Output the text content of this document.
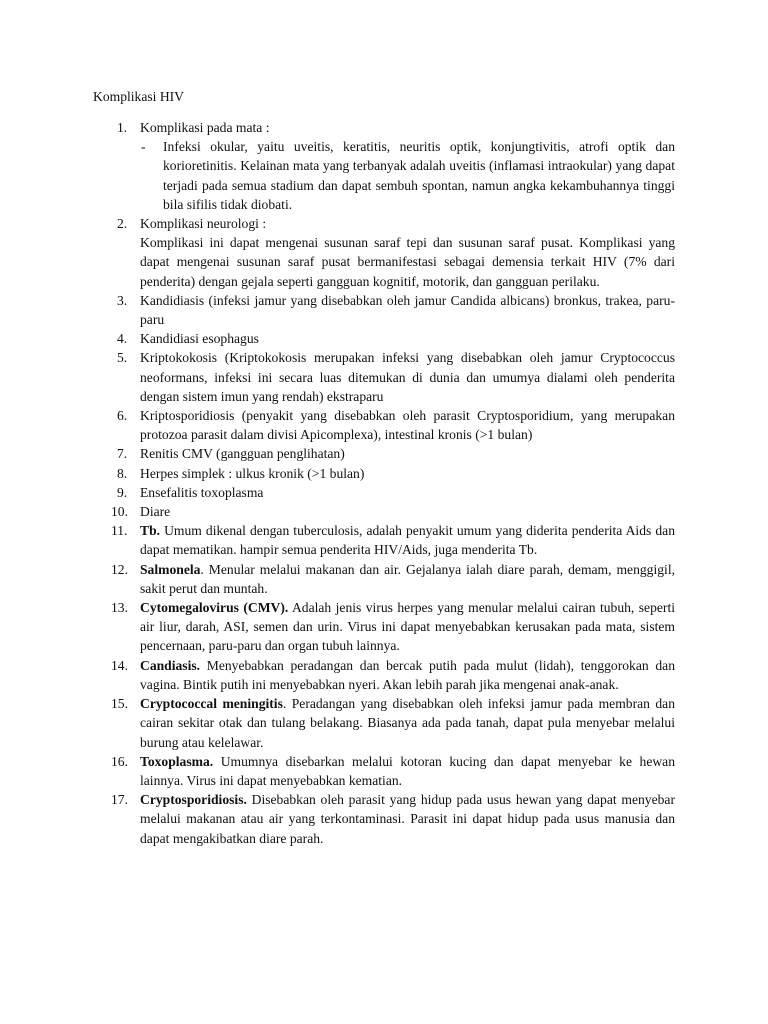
Komplikasi HIV
1. Komplikasi pada mata :
-	Infeksi okular, yaitu uveitis, keratitis, neuritis optik, konjungtivitis, atrofi optik dan korioretinitis. Kelainan mata yang terbanyak adalah uveitis (inflamasi intraokular) yang dapat terjadi pada semua stadium dan dapat sembuh spontan, namun angka kekambuhannya tinggi bila sifilis tidak diobati.
2. Komplikasi neurologi :
Komplikasi ini dapat mengenai susunan saraf tepi dan susunan saraf pusat. Komplikasi yang dapat mengenai susunan saraf pusat bermanifestasi sebagai demensia terkait HIV (7% dari penderita) dengan gejala seperti gangguan kognitif, motorik, dan gangguan perilaku.
3. Kandidiasis (infeksi jamur yang disebabkan oleh jamur Candida albicans) bronkus, trakea, paru-paru
4. Kandidiasi esophagus
5. Kriptokokosis (Kriptokokosis merupakan infeksi yang disebabkan oleh jamur Cryptococcus neoformans, infeksi ini secara luas ditemukan di dunia dan umumya dialami oleh penderita dengan sistem imun yang rendah) ekstraparu
6. Kriptosporidiosis (penyakit yang disebabkan oleh parasit Cryptosporidium, yang merupakan protozoa parasit dalam divisi Apicomplexa), intestinal kronis (>1 bulan)
7. Renitis CMV (gangguan penglihatan)
8. Herpes simplek : ulkus kronik (>1 bulan)
9. Ensefalitis toxoplasma
10. Diare
11. Tb. Umum dikenal dengan tuberculosis, adalah penyakit umum yang diderita penderita Aids dan dapat mematikan. hampir semua penderita HIV/Aids, juga menderita Tb.
12. Salmonela. Menular melalui makanan dan air. Gejalanya ialah diare parah, demam, menggigil, sakit perut dan muntah.
13. Cytomegalovirus (CMV). Adalah jenis virus herpes yang menular melalui cairan tubuh, seperti air liur, darah, ASI, semen dan urin. Virus ini dapat menyebabkan kerusakan pada mata, sistem pencernaan, paru-paru dan organ tubuh lainnya.
14. Candiasis. Menyebabkan peradangan dan bercak putih pada mulut (lidah), tenggorokan dan vagina. Bintik putih ini menyebabkan nyeri. Akan lebih parah jika mengenai anak-anak.
15. Cryptococcal meningitis. Peradangan yang disebabkan oleh infeksi jamur pada membran dan cairan sekitar otak dan tulang belakang. Biasanya ada pada tanah, dapat pula menyebar melalui burung atau kelelawar.
16. Toxoplasma. Umumnya disebarkan melalui kotoran kucing dan dapat menyebar ke hewan lainnya. Virus ini dapat menyebabkan kematian.
17. Cryptosporidiosis. Disebabkan oleh parasit yang hidup pada usus hewan yang dapat menyebar melalui makanan atau air yang terkontaminasi. Parasit ini dapat hidup pada usus manusia dan dapat mengakibatkan diare parah.
